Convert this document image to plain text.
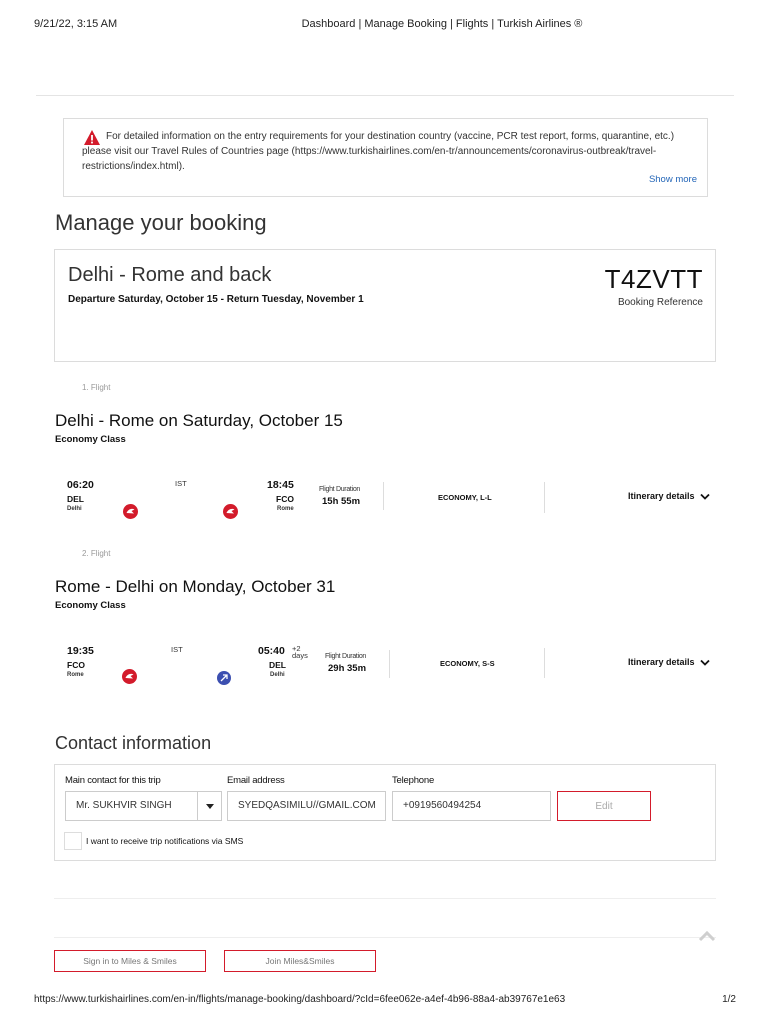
9/21/22, 3:15 AM	Dashboard | Manage Booking | Flights | Turkish Airlines ®
For detailed information on the entry requirements for your destination country (vaccine, PCR test report, forms, quarantine, etc.) please visit our Travel Rules of Countries page (https://www.turkishairlines.com/en-tr/announcements/coronavirus-outbreak/travel-restrictions/index.html).
Show more
Manage your booking
Delhi - Rome and back
Departure Saturday, October 15 - Return Tuesday, November 1
T4ZVTT
Booking Reference
1. Flight
Delhi - Rome on Saturday, October 15
Economy Class
06:20
DEL
Delhi
IST	18:45
FCO
Rome
Flight Duration
15h 55m	ECONOMY, L-L	Itinerary details
2. Flight
Rome - Delhi on Monday, October 31
Economy Class
19:35
FCO
Rome
IST	05:40 +2 days
DEL
Delhi
Flight Duration
29h 35m	ECONOMY, S-S	Itinerary details
Contact information
Main contact for this trip
Mr. SUKHVIR SINGH
Email address
SYEDQASIMILU//GMAIL.COM
Telephone
+0919560494254	Edit
I want to receive trip notifications via SMS
Sign in to Miles & Smiles	Join Miles&Smiles
https://www.turkishairlines.com/en-in/flights/manage-booking/dashboard/?cId=6fee062e-a4ef-4b96-88a4-ab39767e1e63	1/2
